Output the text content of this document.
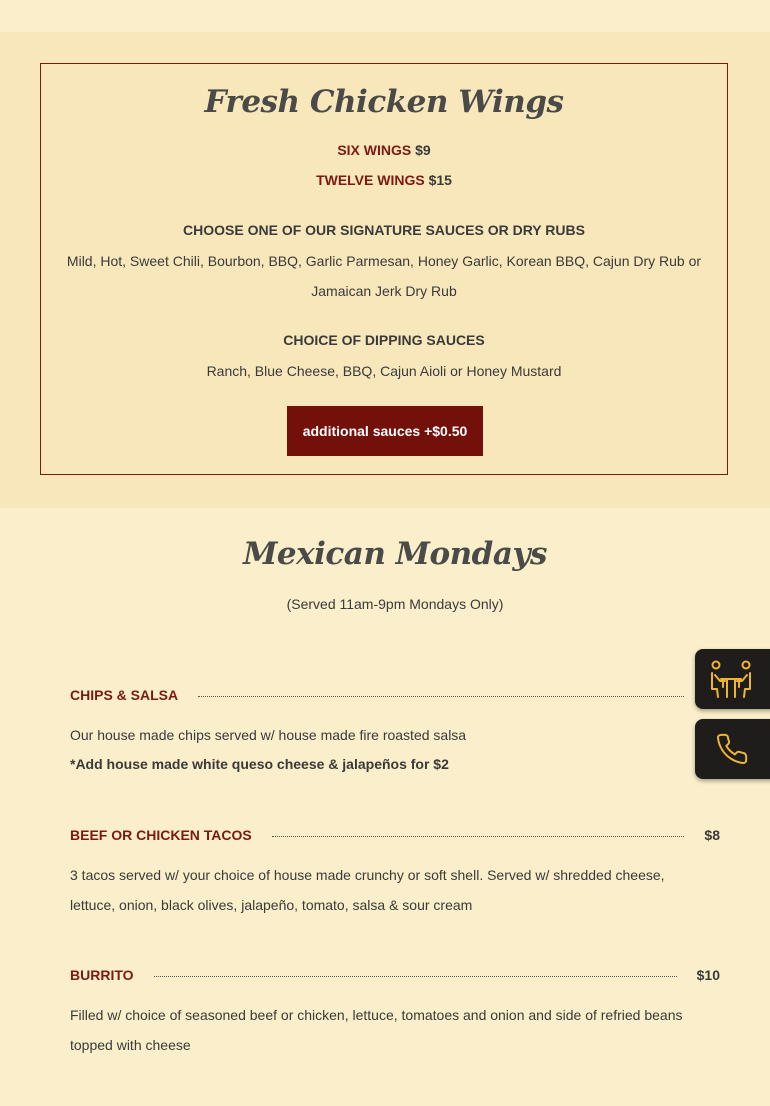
Fresh Chicken Wings
SIX WINGS $9
TWELVE WINGS $15
CHOOSE ONE OF OUR SIGNATURE SAUCES OR DRY RUBS
Mild, Hot, Sweet Chili, Bourbon, BBQ, Garlic Parmesan, Honey Garlic, Korean BBQ, Cajun Dry Rub or Jamaican Jerk Dry Rub
CHOICE OF DIPPING SAUCES
Ranch, Blue Cheese, BBQ, Cajun Aioli or Honey Mustard
additional sauces +$0.50
Mexican Mondays
(Served 11am-9pm Mondays Only)
CHIPS & SALSA
Our house made chips served w/ house made fire roasted salsa
*Add house made white queso cheese & jalapeños for $2
BEEF OR CHICKEN TACOS	$8
3 tacos served w/ your choice of house made crunchy or soft shell. Served w/ shredded cheese, lettuce, onion, black olives, jalapeño, tomato, salsa & sour cream
BURRITO	$10
Filled w/ choice of seasoned beef or chicken, lettuce, tomatoes and onion and side of refried beans topped with cheese
